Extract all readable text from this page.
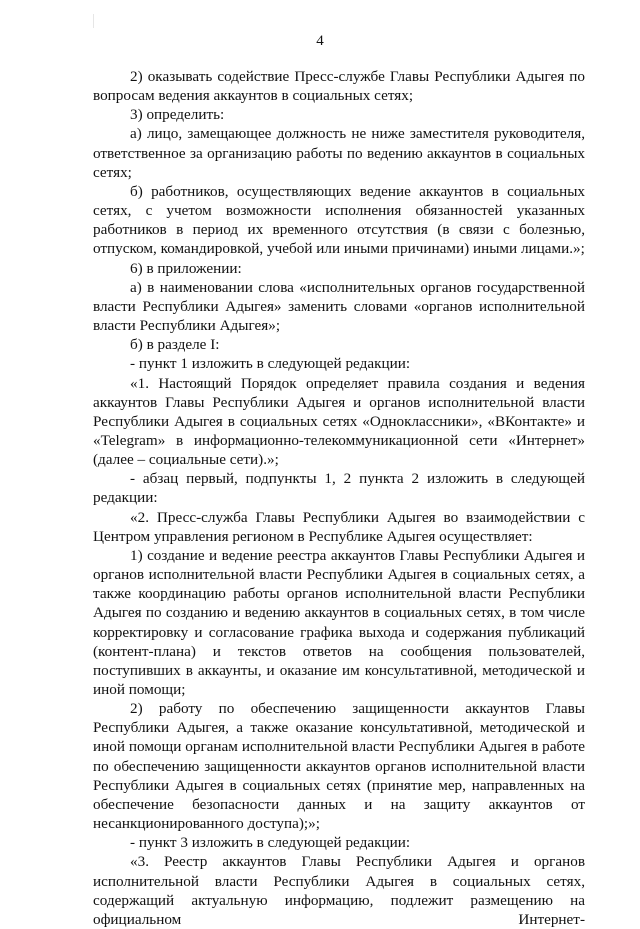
4

2) оказывать содействие Пресс-службе Главы Республики Адыгея по вопросам ведения аккаунтов в социальных сетях;

3) определить:

а) лицо, замещающее должность не ниже заместителя руководителя, ответственное за организацию работы по ведению аккаунтов в социальных сетях;

б) работников, осуществляющих ведение аккаунтов в социальных сетях, с учетом возможности исполнения обязанностей указанных работников в период их временного отсутствия (в связи с болезнью, отпуском, командировкой, учебой или иными причинами) иными лицами.»;

6) в приложении:

а) в наименовании слова «исполнительных органов государственной власти Республики Адыгея» заменить словами «органов исполнительной власти Республики Адыгея»;

б) в разделе I:

- пункт 1 изложить в следующей редакции:

«1. Настоящий Порядок определяет правила создания и ведения аккаунтов Главы Республики Адыгея и органов исполнительной власти Республики Адыгея в социальных сетях «Одноклассники», «ВКонтакте» и «Telegram» в информационно-телекоммуникационной сети «Интернет» (далее – социальные сети).»;

- абзац первый, подпункты 1, 2 пункта 2 изложить в следующей редакции:

«2. Пресс-служба Главы Республики Адыгея во взаимодействии с Центром управления регионом в Республике Адыгея осуществляет:

1) создание и ведение реестра аккаунтов Главы Республики Адыгея и органов исполнительной власти Республики Адыгея в социальных сетях, а также координацию работы органов исполнительной власти Республики Адыгея по созданию и ведению аккаунтов в социальных сетях, в том числе корректировку и согласование графика выхода и содержания публикаций (контент-плана) и текстов ответов на сообщения пользователей, поступивших в аккаунты, и оказание им консультативной, методической и иной помощи;

2) работу по обеспечению защищенности аккаунтов Главы Республики Адыгея, а также оказание консультативной, методической и иной помощи органам исполнительной власти Республики Адыгея в работе по обеспечению защищенности аккаунтов органов исполнительной власти Республики Адыгея в социальных сетях (принятие мер, направленных на обеспечение безопасности данных и на защиту аккаунтов от несанкционированного доступа);»;

- пункт 3 изложить в следующей редакции:

«3. Реестр аккаунтов Главы Республики Адыгея и органов исполнительной власти Республики Адыгея в социальных сетях, содержащий актуальную информацию, подлежит размещению на официальном Интернет-
